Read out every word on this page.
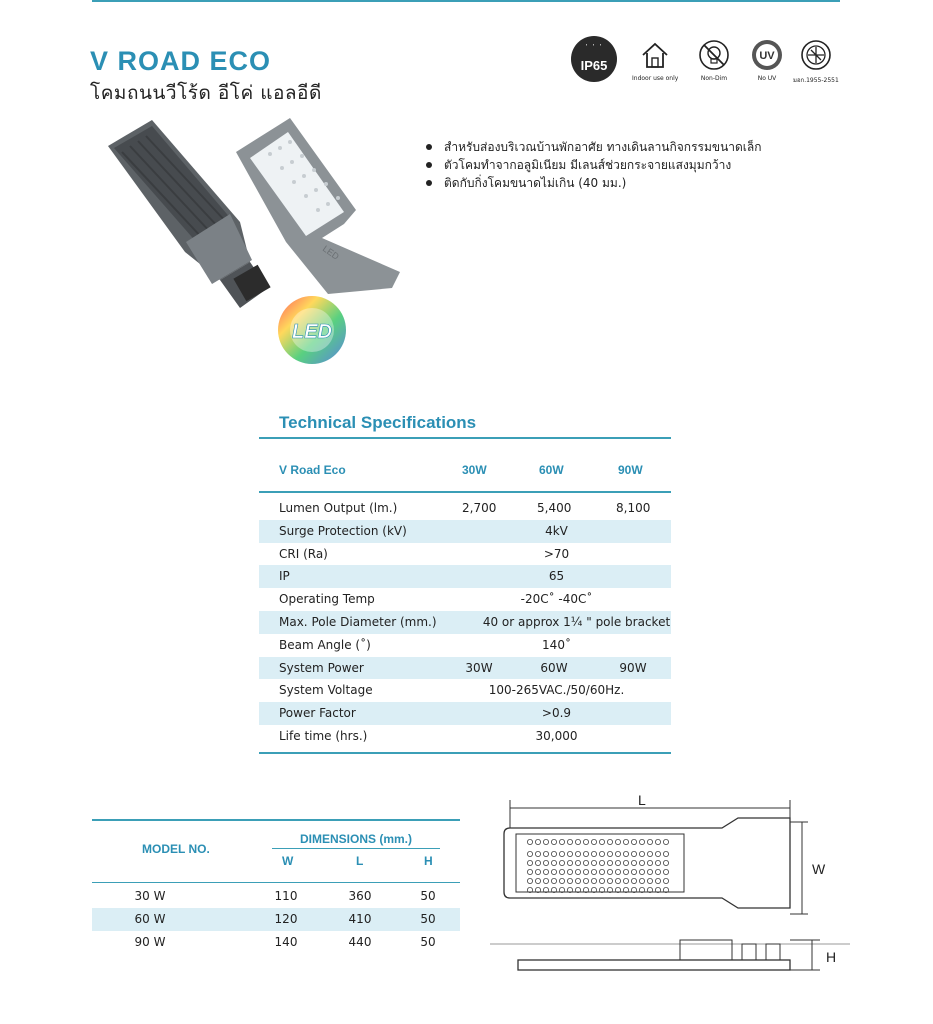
V ROAD ECO
โคมถนนวีโร้ด อีโค่ แอลอีดี
ˈ ˈ ˈ
IP65
Indoor use only	Non-Dim
UV
No UV	มอก.1955-2551
LED
LED
สำหรับส่องบริเวณบ้านพักอาศัย ทางเดินลานกิจกรรมขนาดเล็ก
ตัวโคมทำจากอลูมิเนียม มีเลนส์ช่วยกระจายแสงมุมกว้าง
ติดกับกิ่งโคมขนาดไม่เกิน (40 มม.)
Technical Specifications
V Road Eco	30W	60W	90W
Lumen Output (lm.)	2,700	5,400	8,100
Surge Protection (kV)	4kV
CRI (Ra)	>70
IP	65
Operating Temp	-20C˚ -40C˚
Max. Pole Diameter (mm.)	40 or approx 1¼ " pole bracket
Beam Angle (˚)	140˚
System Power	30W	60W	90W
System Voltage	100-265VAC./50/60Hz.
Power Factor	>0.9
Life time (hrs.)	30,000
MODEL NO.
DIMENSIONS (mm.)
W	L	H
30 W	110	360	50
60 W	120	410	50
90 W	140	440	50
L
W
H
